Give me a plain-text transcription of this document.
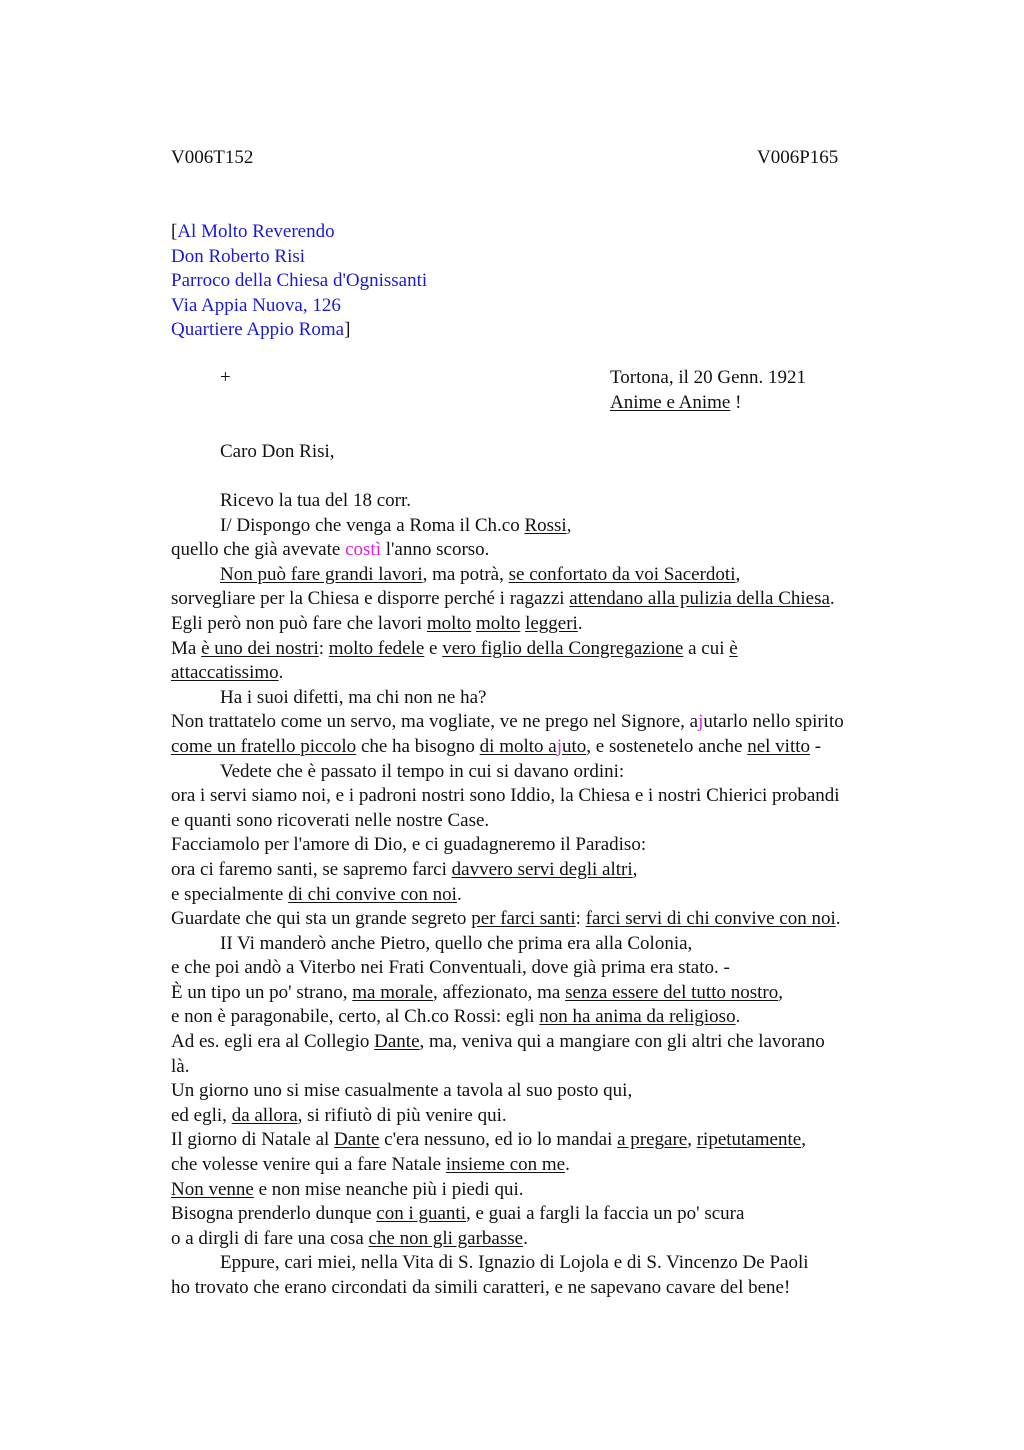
V006T152	V006P165
[Al Molto Reverendo
Don Roberto Risi
Parroco della Chiesa d'Ognissanti
Via Appia Nuova, 126
Quartiere Appio Roma]
+	Tortona, il 20 Genn. 1921
Anime e Anime !
Caro Don Risi,
Ricevo la tua del 18 corr.
I/ Dispongo che venga a Roma il Ch.co Rossi,
quello che già avevate costì l'anno scorso.
Non può fare grandi lavori, ma potrà, se confortato da voi Sacerdoti,
sorvegliare per la Chiesa e disporre perché i ragazzi attendano alla pulizia della Chiesa.
Egli però non può fare che lavori molto molto leggeri.
Ma è uno dei nostri: molto fedele e vero figlio della Congregazione a cui è
attaccatissimo.
Ha i suoi difetti, ma chi non ne ha?
Non trattatelo come un servo, ma vogliate, ve ne prego nel Signore, ajutarlo nello spirito
come un fratello piccolo che ha bisogno di molto ajuto, e sostenetelo anche nel vitto -
Vedete che è passato il tempo in cui si davano ordini:
ora i servi siamo noi, e i padroni nostri sono Iddio, la Chiesa e i nostri Chierici probandi
e quanti sono ricoverati nelle nostre Case.
Facciamolo per l'amore di Dio, e ci guadagneremo il Paradiso:
ora ci faremo santi, se sapremo farci davvero servi degli altri,
e specialmente di chi convive con noi.
Guardate che qui sta un grande segreto per farci santi: farci servi di chi convive con noi.
II Vi manderò anche Pietro, quello che prima era alla Colonia,
e che poi andò a Viterbo nei Frati Conventuali, dove già prima era stato. -
È un tipo un po' strano, ma morale, affezionato, ma senza essere del tutto nostro,
e non è paragonabile, certo, al Ch.co Rossi: egli non ha anima da religioso.
Ad es. egli era al Collegio Dante, ma, veniva qui a mangiare con gli altri che lavorano
là.
Un giorno uno si mise casualmente a tavola al suo posto qui,
ed egli, da allora, si rifiutò di più venire qui.
Il giorno di Natale al Dante c'era nessuno, ed io lo mandai a pregare, ripetutamente,
che volesse venire qui a fare Natale insieme con me.
Non venne e non mise neanche più i piedi qui.
Bisogna prenderlo dunque con i guanti, e guai a fargli la faccia un po' scura
o a dirgli di fare una cosa che non gli garbasse.
Eppure, cari miei, nella Vita di S. Ignazio di Lojola e di S. Vincenzo De Paoli
ho trovato che erano circondati da simili caratteri, e ne sapevano cavare del bene!
